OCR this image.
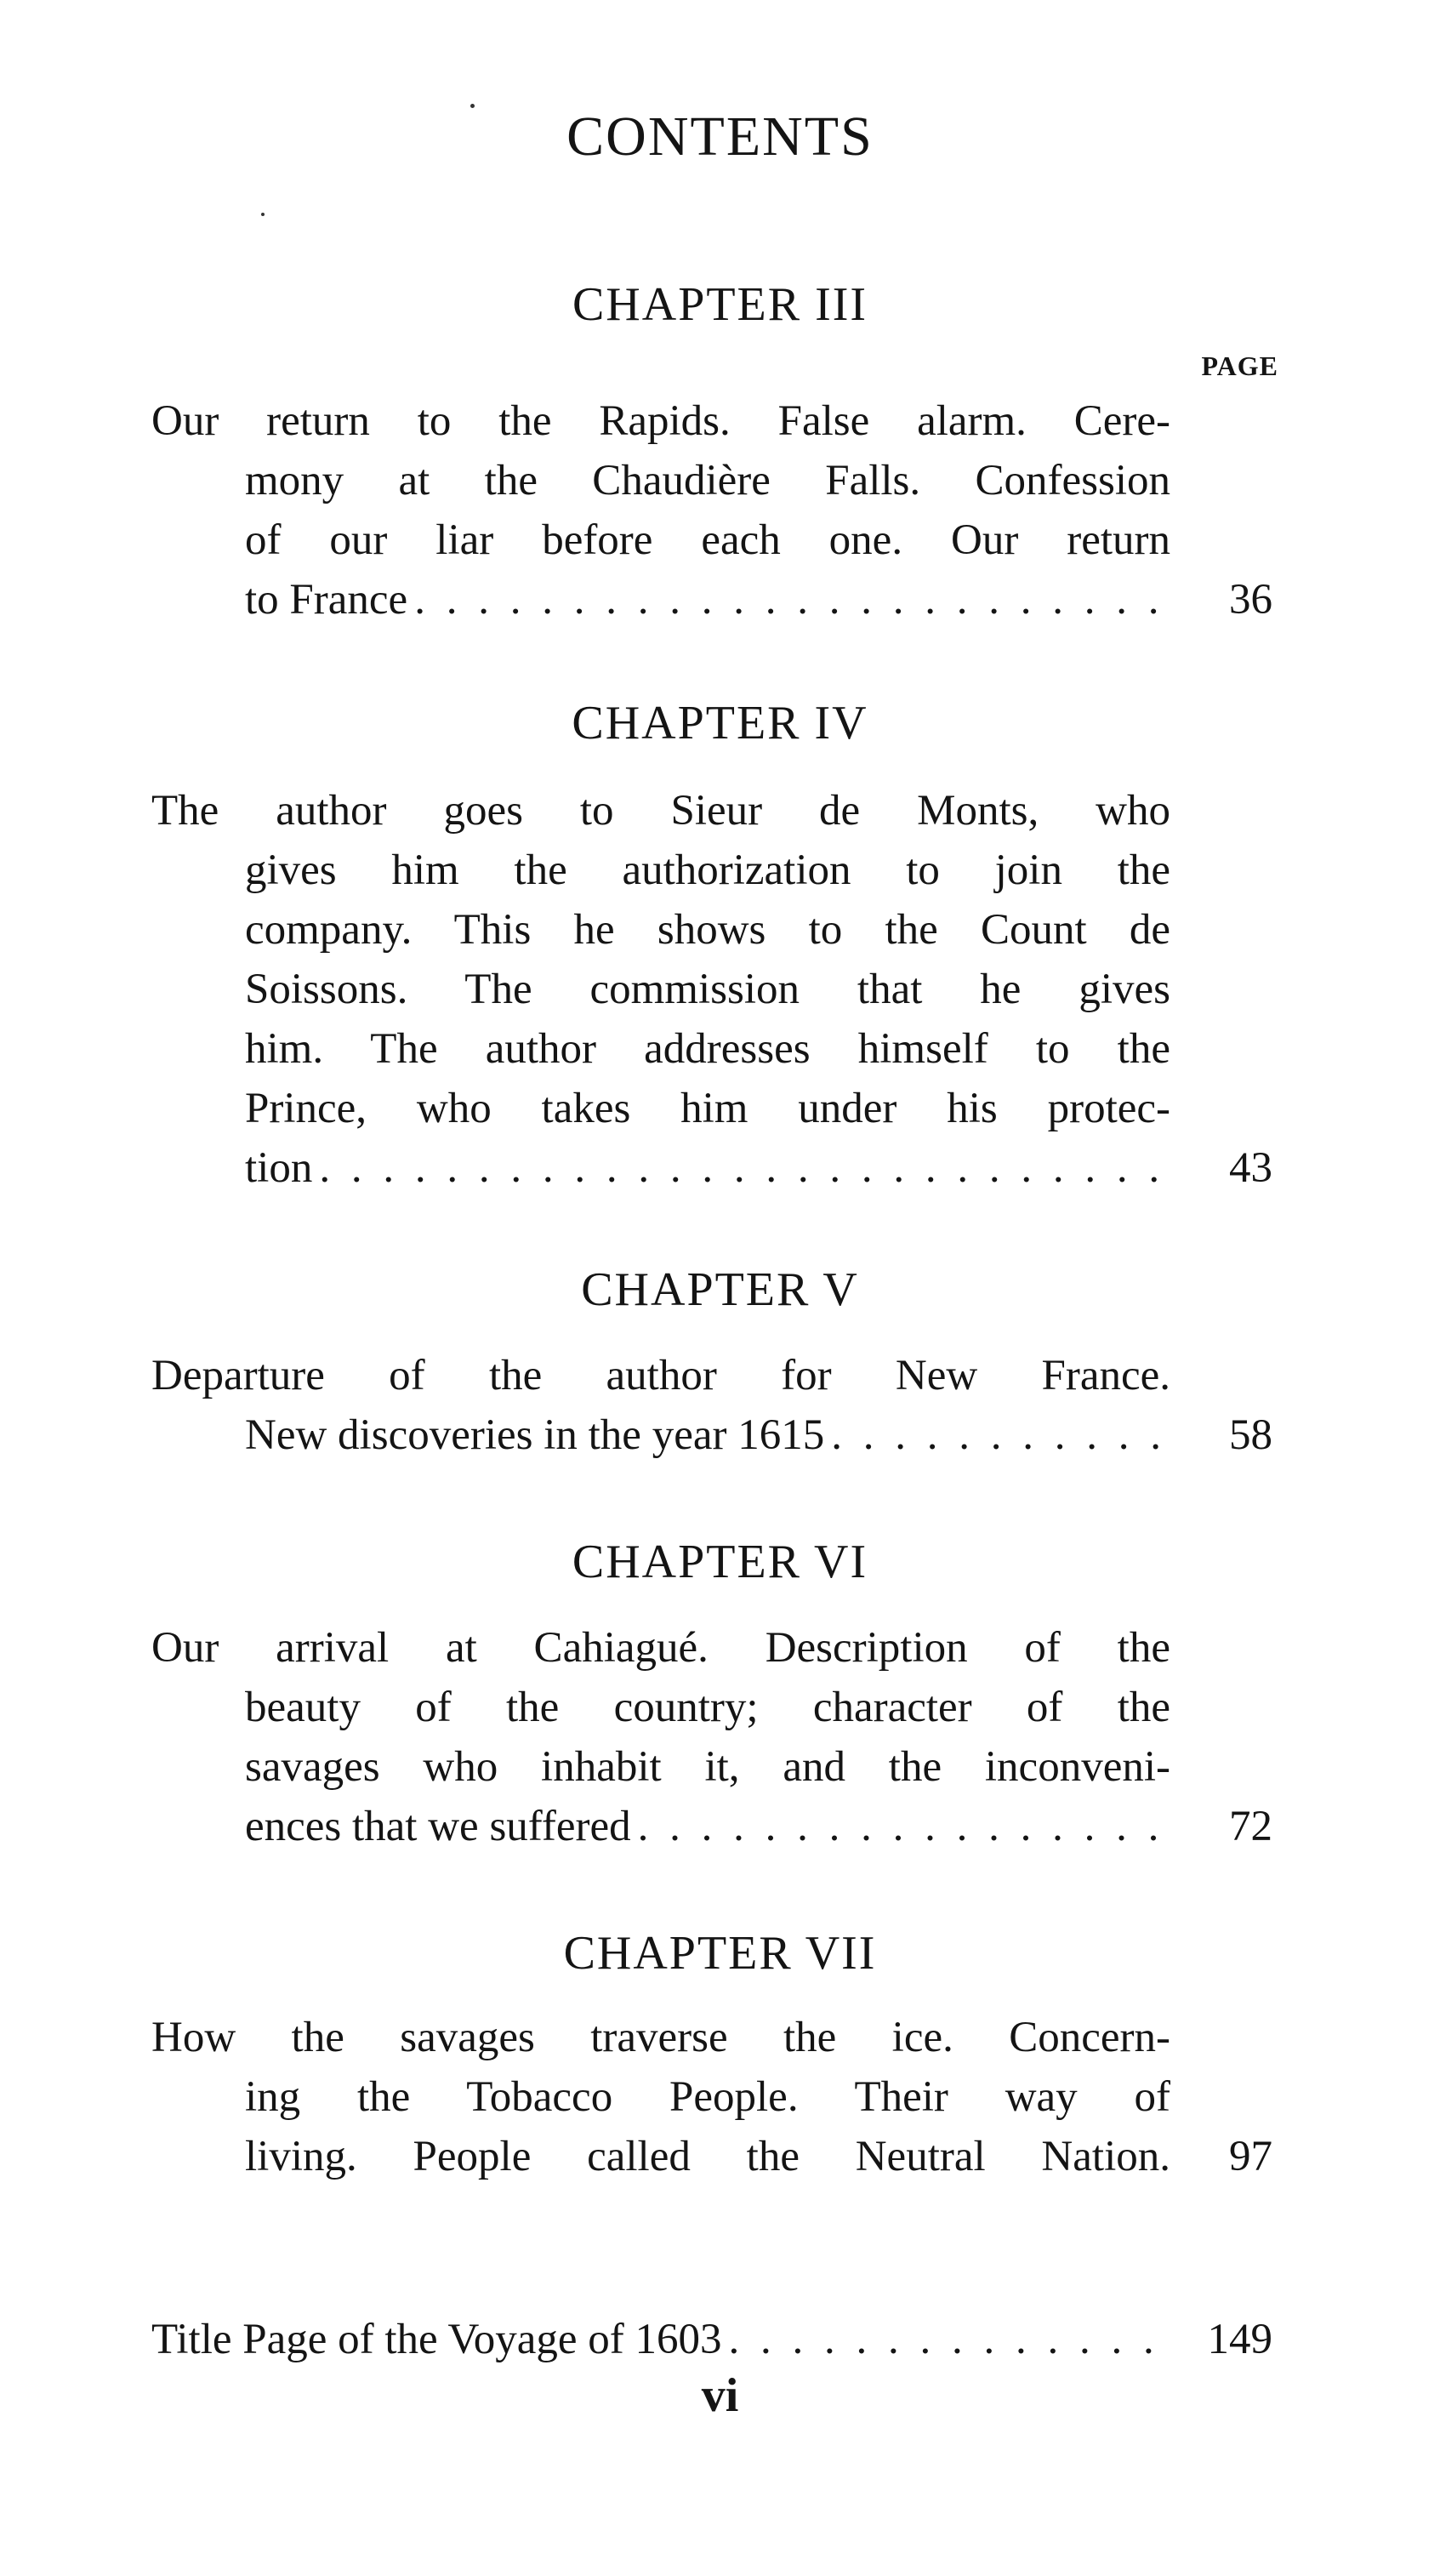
CONTENTS
PAGE
CHAPTER III
Our return to the Rapids. False alarm. Cere-
mony at the Chaudière Falls. Confession
of our liar before each one. Our return
to France . . .	36
CHAPTER IV
The author goes to Sieur de Monts, who
gives him the authorization to join the
company. This he shows to the Count de
Soissons. The commission that he gives
him. The author addresses himself to the
Prince, who takes him under his protec-
tion . . .	43
CHAPTER V
Departure of the author for New France.
New discoveries in the year 1615 . . .	58
CHAPTER VI
Our arrival at Cahiagué. Description of the
beauty of the country; character of the
savages who inhabit it, and the inconveni-
ences that we suffered . . .	72
CHAPTER VII
How the savages traverse the ice. Concern-
ing the Tobacco People. Their way of
living. People called the Neutral Nation.	97
Title Page of the Voyage of 1603 . . .	149
vi
